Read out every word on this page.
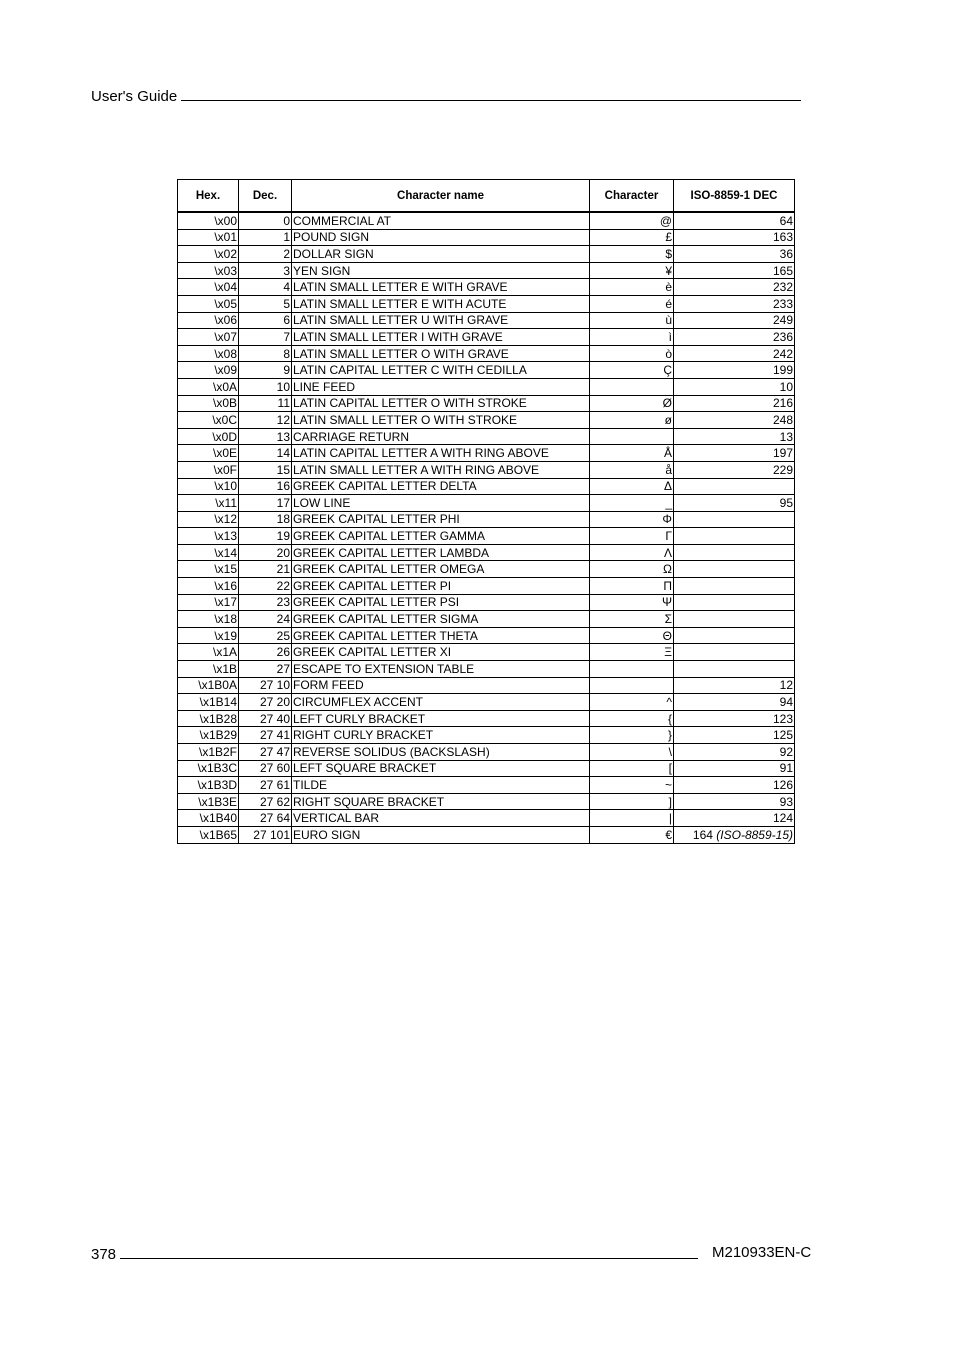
User's Guide
Hex.	Dec.	Character name	Character	ISO-8859-1 DEC
\x00	0	COMMERCIAL AT	@	64
\x01	1	POUND SIGN	£	163
\x02	2	DOLLAR SIGN	$	36
\x03	3	YEN SIGN	¥	165
\x04	4	LATIN SMALL LETTER E WITH GRAVE	è	232
\x05	5	LATIN SMALL LETTER E WITH ACUTE	é	233
\x06	6	LATIN SMALL LETTER U WITH GRAVE	ù	249
\x07	7	LATIN SMALL LETTER I WITH GRAVE	ì	236
\x08	8	LATIN SMALL LETTER O WITH GRAVE	ò	242
\x09	9	LATIN CAPITAL LETTER C WITH CEDILLA	Ç	199
\x0A	10	LINE FEED		10
\x0B	11	LATIN CAPITAL LETTER O WITH STROKE	Ø	216
\x0C	12	LATIN SMALL LETTER O WITH STROKE	ø	248
\x0D	13	CARRIAGE RETURN		13
\x0E	14	LATIN CAPITAL LETTER A WITH RING ABOVE	Å	197
\x0F	15	LATIN SMALL LETTER A WITH RING ABOVE	å	229
\x10	16	GREEK CAPITAL LETTER DELTA	Δ	
\x11	17	LOW LINE	_	95
\x12	18	GREEK CAPITAL LETTER PHI	Φ	
\x13	19	GREEK CAPITAL LETTER GAMMA	Γ	
\x14	20	GREEK CAPITAL LETTER LAMBDA	Λ	
\x15	21	GREEK CAPITAL LETTER OMEGA	Ω	
\x16	22	GREEK CAPITAL LETTER PI	Π	
\x17	23	GREEK CAPITAL LETTER PSI	Ψ	
\x18	24	GREEK CAPITAL LETTER SIGMA	Σ	
\x19	25	GREEK CAPITAL LETTER THETA	Θ	
\x1A	26	GREEK CAPITAL LETTER XI	Ξ	
\x1B	27	ESCAPE TO EXTENSION TABLE		
\x1B0A	27 10	FORM FEED		12
\x1B14	27 20	CIRCUMFLEX ACCENT	^	94
\x1B28	27 40	LEFT CURLY BRACKET	{	123
\x1B29	27 41	RIGHT CURLY BRACKET	}	125
\x1B2F	27 47	REVERSE SOLIDUS (BACKSLASH)	\	92
\x1B3C	27 60	LEFT SQUARE BRACKET	[	91
\x1B3D	27 61	TILDE	~	126
\x1B3E	27 62	RIGHT SQUARE BRACKET	]	93
\x1B40	27 64	VERTICAL BAR	|	124
\x1B65	27 101	EURO SIGN	€	164 (ISO-8859-15)
378	M210933EN-C
